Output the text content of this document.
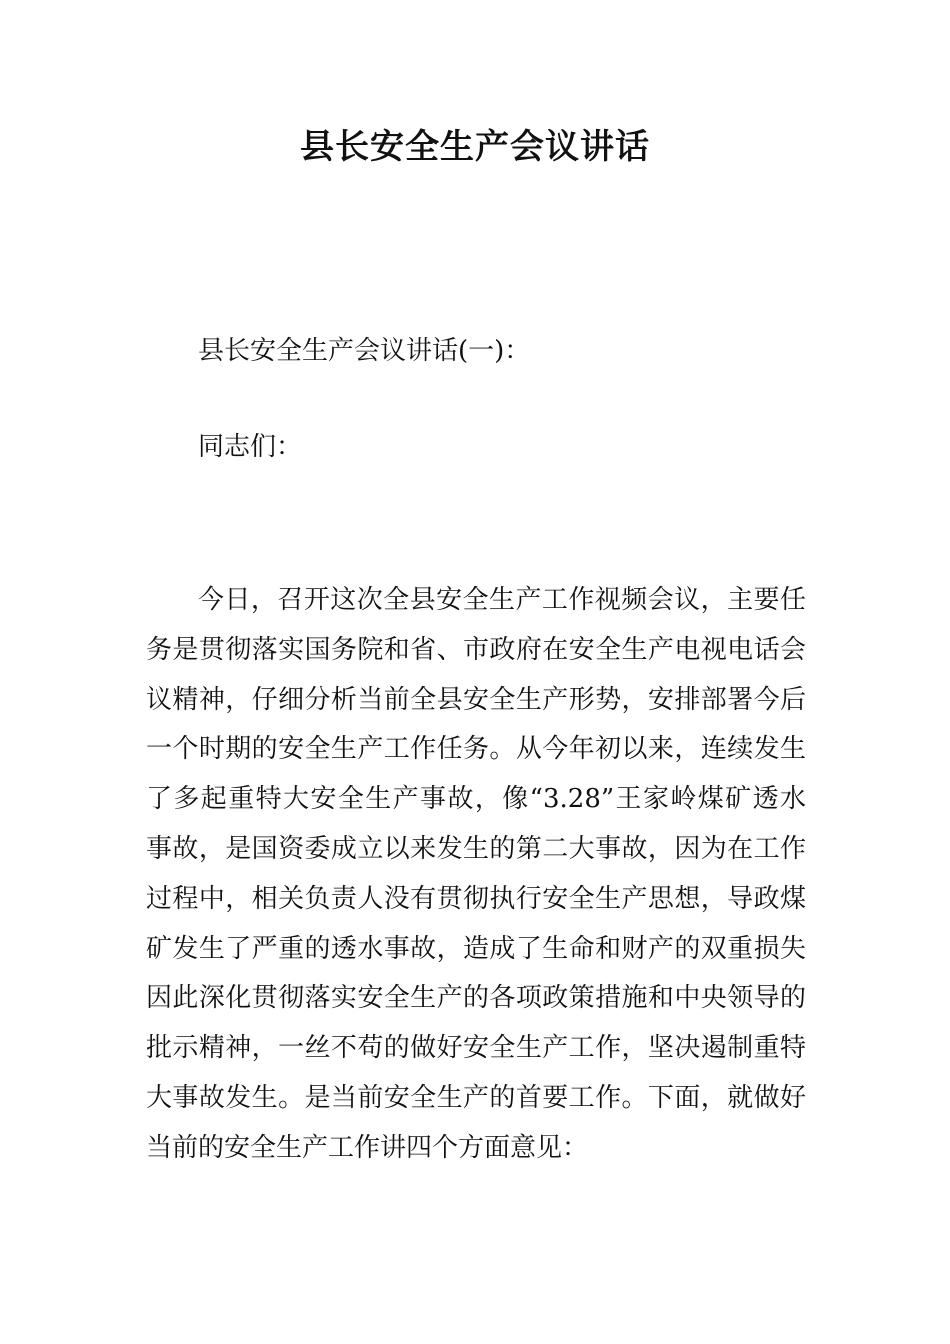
县长安全生产会议讲话

县长安全生产会议讲话(一)：

同志们：

今日，召开这次全县安全生产工作视频会议，主要任
务是贯彻落实国务院和省、市政府在安全生产电视电话会
议精神，仔细分析当前全县安全生产形势，安排部署今后
一个时期的安全生产工作任务。从今年初以来，连续发生
了多起重特大安全生产事故，像“3.28”王家岭煤矿透水
事故，是国资委成立以来发生的第二大事故，因为在工作
过程中，相关负责人没有贯彻执行安全生产思想，导政煤
矿发生了严重的透水事故，造成了生命和财产的双重损失
因此深化贯彻落实安全生产的各项政策措施和中央领导的
批示精神，一丝不苟的做好安全生产工作，坚决遏制重特
大事故发生。是当前安全生产的首要工作。下面，就做好
当前的安全生产工作讲四个方面意见：
